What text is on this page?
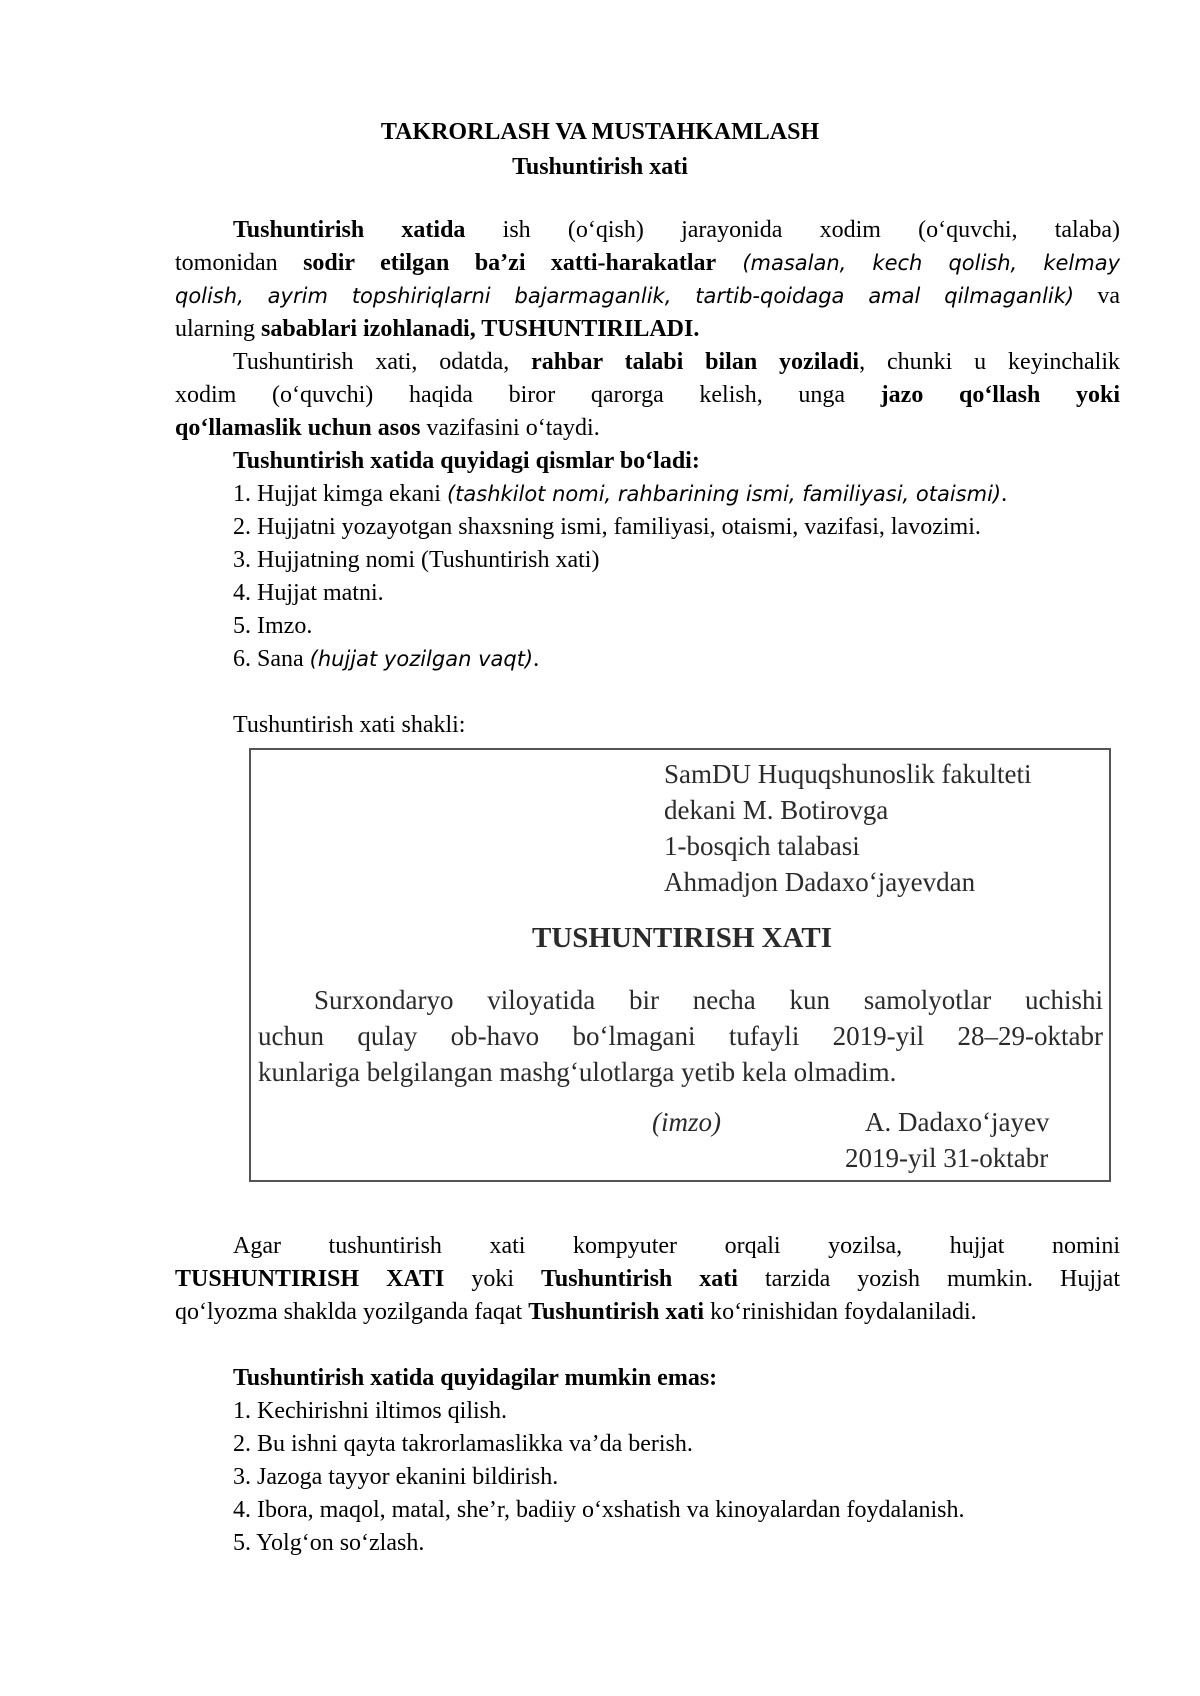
TAKRORLASH VA MUSTAHKAMLASH
Tushuntirish xati
Tushuntirish xatida ish (o‘qish) jarayonida xodim (o‘quvchi, talaba)
tomonidan sodir etilgan ba’zi xatti-harakatlar (masalan, kech qolish, kelmay
qolish, ayrim topshiriqlarni bajarmaganlik, tartib-qoidaga amal qilmaganlik) va
ularning sabablari izohlanadi, TUSHUNTIRILADI.
Tushuntirish xati, odatda, rahbar talabi bilan yoziladi, chunki u keyinchalik
xodim (o‘quvchi) haqida biror qarorga kelish, unga jazo qo‘llash yoki
qo‘llamaslik uchun asos vazifasini o‘taydi.
Tushuntirish xatida quyidagi qismlar bo‘ladi:
1. Hujjat kimga ekani (tashkilot nomi, rahbarining ismi, familiyasi, otaismi).
2. Hujjatni yozayotgan shaxsning ismi, familiyasi, otaismi, vazifasi, lavozimi.
3. Hujjatning nomi (Tushuntirish xati)
4. Hujjat matni.
5. Imzo.
6. Sana (hujjat yozilgan vaqt).
Tushuntirish xati shakli:
SamDU Huquqshunoslik fakulteti
dekani M. Botirovga
1-bosqich talabasi
Ahmadjon Dadaxo‘jayevdan
TUSHUNTIRISH XATI
Surxondaryo viloyatida bir necha kun samolyotlar uchishi
uchun qulay ob-havo bo‘lmagani tufayli 2019-yil 28–29-oktabr
kunlariga belgilangan mashg‘ulotlarga yetib kela olmadim.
(imzo)	A. Dadaxo‘jayev
2019-yil 31-oktabr
Agar tushuntirish xati kompyuter orqali yozilsa, hujjat nomini
TUSHUNTIRISH XATI yoki Tushuntirish xati tarzida yozish mumkin. Hujjat
qo‘lyozma shaklda yozilganda faqat Tushuntirish xati ko‘rinishidan foydalaniladi.
Tushuntirish xatida quyidagilar mumkin emas:
1. Kechirishni iltimos qilish.
2. Bu ishni qayta takrorlamaslikka va’da berish.
3. Jazoga tayyor ekanini bildirish.
4. Ibora, maqol, matal, she’r, badiiy o‘xshatish va kinoyalardan foydalanish.
5. Yolg‘on so‘zlash.
